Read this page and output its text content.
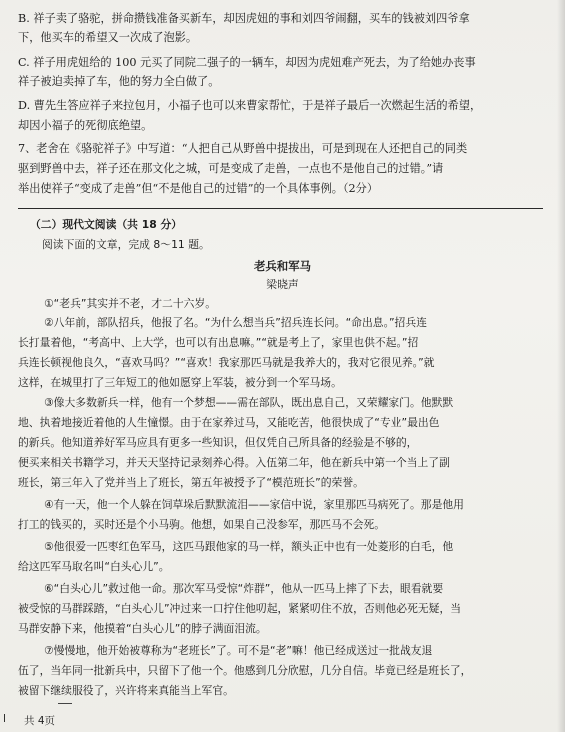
B. 祥子卖了骆驼，拼命攒钱准备买新车，却因虎妞的事和刘四爷闹翻，买车的钱被刘四爷拿
下，他买车的希望又一次成了泡影。
C. 祥子用虎妞给的 100 元买了同院二强子的一辆车，却因为虎妞难产死去，为了给她办丧事
祥子被迫卖掉了车，他的努力全白做了。
D. 曹先生答应祥子来拉包月，小福子也可以来曹家帮忙，于是祥子最后一次燃起生活的希望，
却因小福子的死彻底绝望。
7、老舍在《骆驼祥子》中写道：“人把自己从野兽中提拔出，可是到现在人还把自己的同类
驱到野兽中去，祥子还在那文化之城，可是变成了走兽，一点也不是他自己的过错。”请
举出使祥子“变成了走兽”但“不是他自己的过错”的一个具体事例。（2分）
（二）现代文阅读（共 18 分）
阅读下面的文章，完成 8～11 题。
老兵和军马
梁晓声
①“老兵”其实并不老，才二十六岁。
②八年前，部队招兵，他报了名。“为什么想当兵”招兵连长问。“命出息。”招兵连
长打量着他，“考高中、上大学，也可以有出息嘛。”“就是考上了，家里也供不起。”招
兵连长顿视他良久，“喜欢马吗？”“喜欢！我家那匹马就是我养大的，我对它很见养。”就
这样，在城里打了三年短工的他如愿穿上军装，被分到一个军马场。
③像大多数新兵一样，他有一个梦想——需在部队，既出息自己，又荣耀家门。他默默
地、执着地接近着他的人生憧憬。由于在家养过马，又能吃苦，他很快成了“专业”最出色
的新兵。他知道养好军马应具有更多一些知识，但仅凭自己所具备的经验是不够的，
便买来相关书籍学习，并天天坚持记录刻养心得。入伍第二年，他在新兵中第一个当上了副
班长，第三年入了党并当上了班长，第五年被授予了“模范班长”的荣誉。
④有一天，他一个人躲在饲草垛后默默流泪——家信中说，家里那匹马病死了。那是他用
打工的钱买的，买时还是个小马驹。他想，如果自己没参军，那匹马不会死。
⑤他很爱一匹枣红色军马，这匹马跟他家的马一样，额头正中也有一处菱形的白毛，他
给这匹军马取名叫“白头心儿”。
⑥“白头心儿”救过他一命。那次军马受惊“炸群”，他从一匹马上摔了下去，眼看就要
被受惊的马群踩踏，“白头心儿”冲过来一口拧住他叨起，紧紧叨住不放，否则他必死无疑，当
马群安静下来，他摸着“白头心儿”的脖子满面泪流。
⑦慢慢地，他开始被尊称为“老班长”了。可不是“老”嘛！他已经成送过一批战友退
伍了，当年同一批新兵中，只留下了他一个。他感到几分欣慰，几分自信。毕竟已经是班长了，
被留下继续服役了，兴许将来真能当上军官。
l 共 4页
